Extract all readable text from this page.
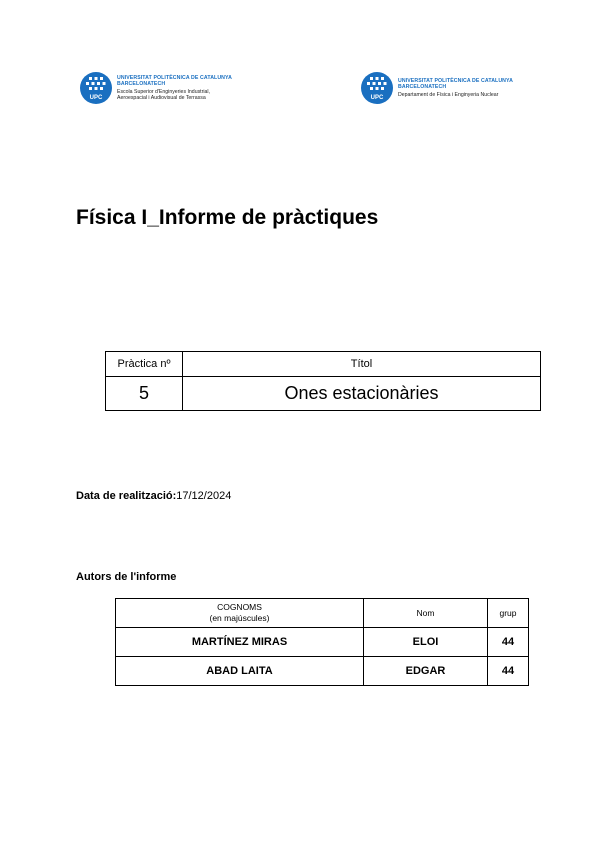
UPC
UNIVERSITAT POLITÈCNICA DE CATALUNYA
BARCELONATECH
Escola Superior d'Enginyeries Industrial,
Aeroespacial i Audiovisual de Terrassa	UPC
UNIVERSITAT POLITÈCNICA DE CATALUNYA
BARCELONATECH
Departament de Física i Enginyeria Nuclear
Física I_Informe de pràctiques
Pràctica nº	Títol
5	Ones estacionàries
Data de realització:17/12/2024
Autors de l'informe
COGNOMS
(en majúscules)	Nom	grup
MARTÍNEZ MIRAS	ELOI	44
ABAD LAITA	EDGAR	44
